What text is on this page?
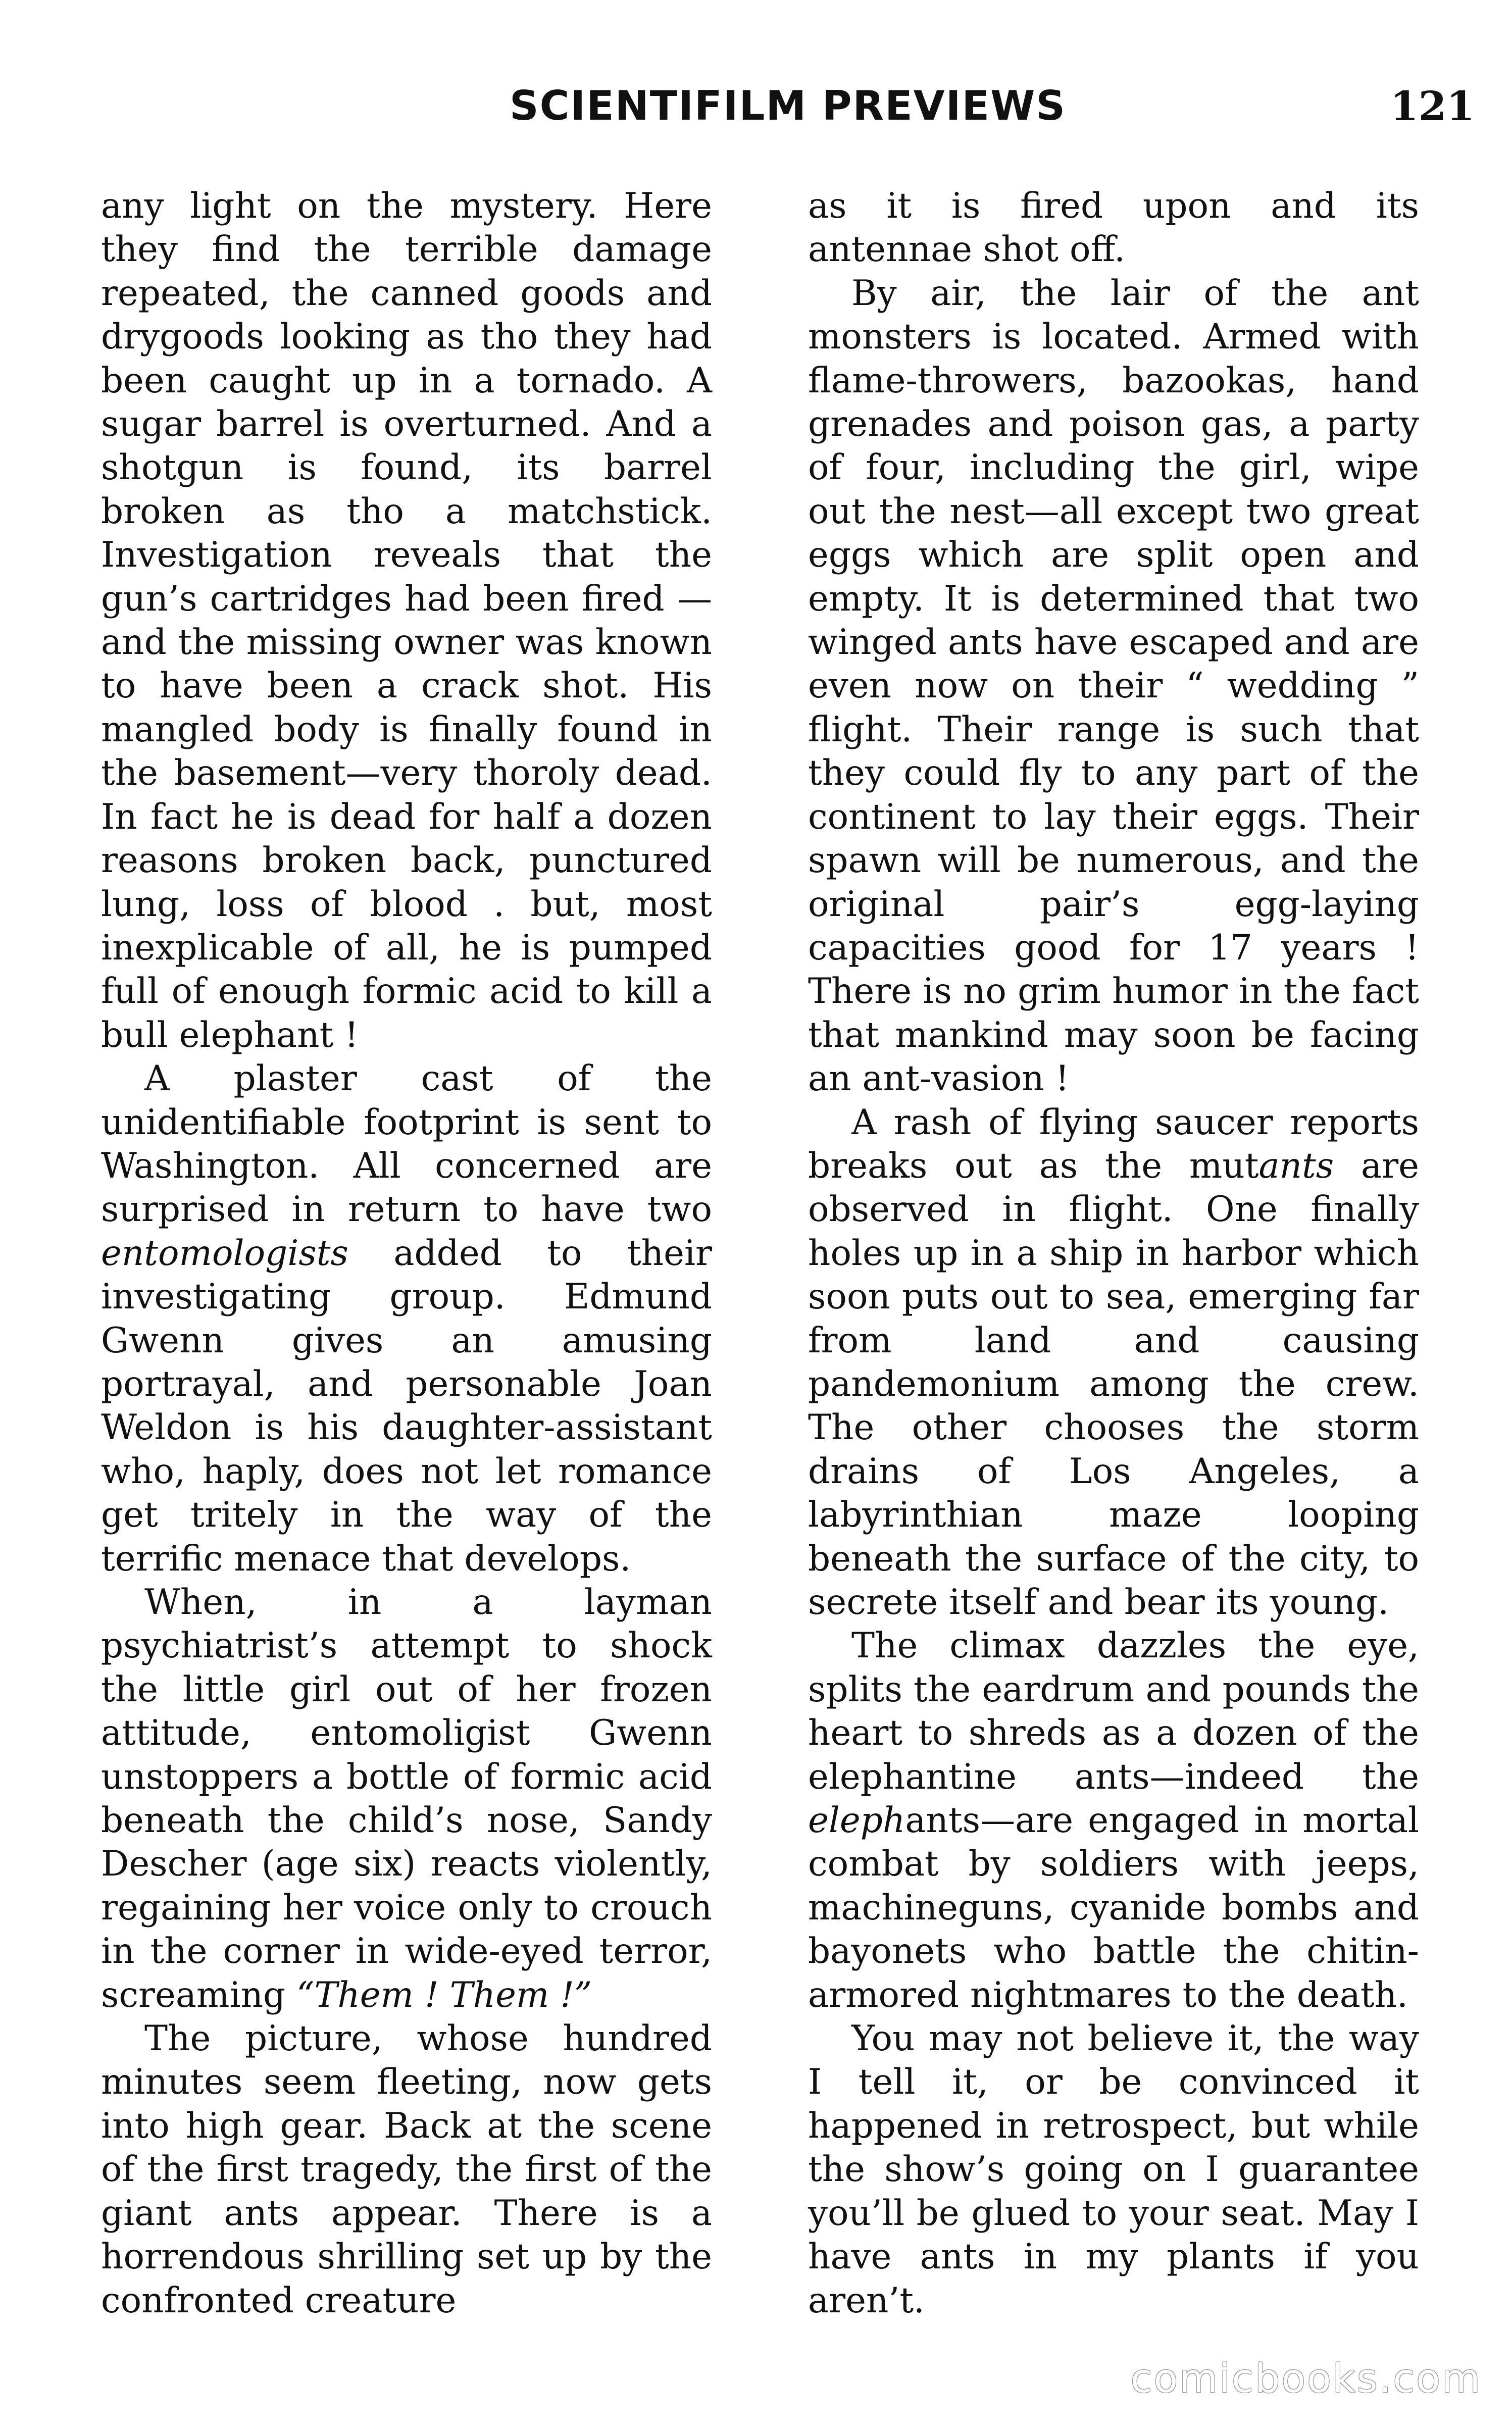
SCIENTIFILM PREVIEWS	121

any light on the mystery. Here they find the terrible damage repeated, the canned goods and drygoods looking as tho they had been caught up in a tornado. A sugar barrel is overturned. And a shotgun is found, its barrel broken as tho a matchstick. Investigation reveals that the gun’s cartridges had been fired —and the missing owner was known to have been a crack shot. His mangled body is finally found in the basement—very thoroly dead. In fact he is dead for half a dozen reasons broken back, punctured lung, loss of blood . but, most inexplicable of all, he is pumped full of enough formic acid to kill a bull elephant !

A plaster cast of the unidentifiable footprint is sent to Washington. All concerned are surprised in return to have two entomologists added to their investigating group. Edmund Gwenn gives an amusing portrayal, and personable Joan Weldon is his daughter-assistant who, haply, does not let romance get tritely in the way of the terrific menace that develops.

When, in a layman psychiatrist’s attempt to shock the little girl out of her frozen attitude, entomoligist Gwenn unstoppers a bottle of formic acid beneath the child’s nose, Sandy Descher (age six) reacts violently, regaining her voice only to crouch in the corner in wide-eyed terror, screaming “Them ! Them !”

The picture, whose hundred minutes seem fleeting, now gets into high gear. Back at the scene of the first tragedy, the first of the giant ants appear. There is a horrendous shrilling set up by the confronted creature

as it is fired upon and its antennae shot off.

By air, the lair of the ant monsters is located. Armed with flame-throwers, bazookas, hand grenades and poison gas, a party of four, including the girl, wipe out the nest—all except two great eggs which are split open and empty. It is determined that two winged ants have escaped and are even now on their “ wedding ” flight. Their range is such that they could fly to any part of the continent to lay their eggs. Their spawn will be numerous, and the original pair’s egg-laying capacities good for 17 years ! There is no grim humor in the fact that mankind may soon be facing an ant-vasion !

A rash of flying saucer reports breaks out as the mutants are observed in flight. One finally holes up in a ship in harbor which soon puts out to sea, emerging far from land and causing pandemonium among the crew. The other chooses the storm drains of Los Angeles, a labyrinthian maze looping beneath the surface of the city, to secrete itself and bear its young.

The climax dazzles the eye, splits the eardrum and pounds the heart to shreds as a dozen of the elephantine ants—indeed the elephants—are engaged in mortal combat by soldiers with jeeps, machineguns, cyanide bombs and bayonets who battle the chitin-armored nightmares to the death.

You may not believe it, the way I tell it, or be convinced it happened in retrospect, but while the show’s going on I guarantee you’ll be glued to your seat. May I have ants in my plants if you aren’t.

comicbooks.com
